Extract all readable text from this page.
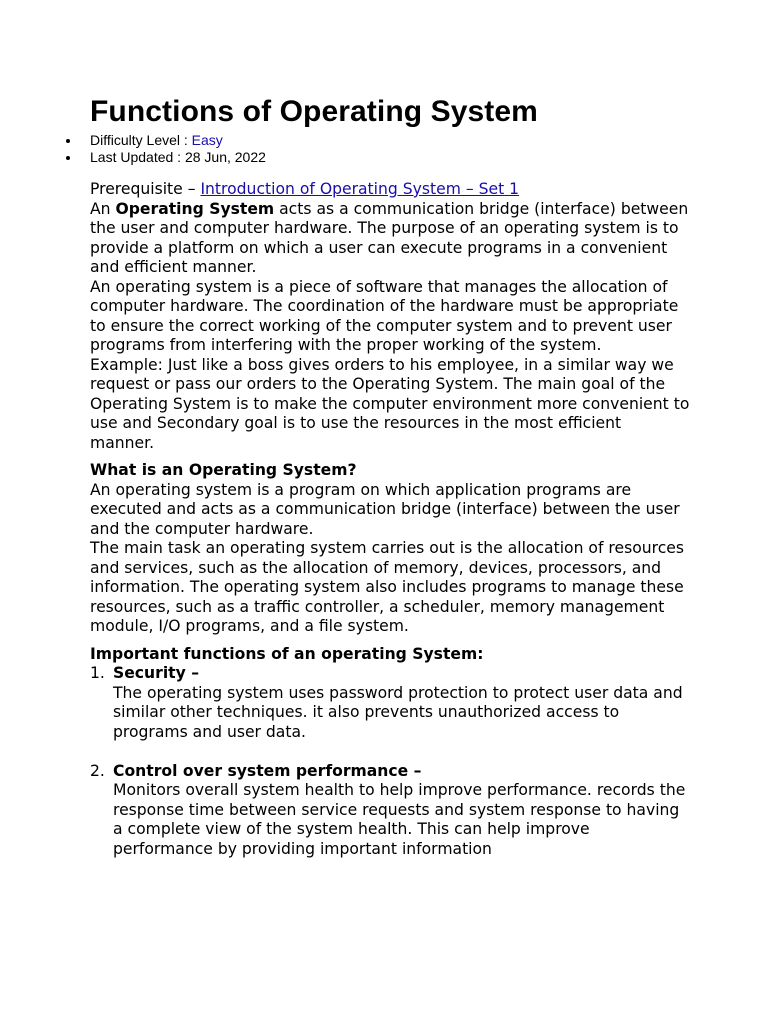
Functions of Operating System
Difficulty Level : Easy
Last Updated : 28 Jun, 2022

Prerequisite – Introduction of Operating System – Set 1

An Operating System acts as a communication bridge (interface) between the user and computer hardware. The purpose of an operating system is to provide a platform on which a user can execute programs in a convenient and efficient manner.

An operating system is a piece of software that manages the allocation of computer hardware. The coordination of the hardware must be appropriate to ensure the correct working of the computer system and to prevent user programs from interfering with the proper working of the system.

Example: Just like a boss gives orders to his employee, in a similar way we request or pass our orders to the Operating System. The main goal of the Operating System is to make the computer environment more convenient to use and Secondary goal is to use the resources in the most efficient manner.

What is an Operating System?

An operating system is a program on which application programs are executed and acts as a communication bridge (interface) between the user and the computer hardware.

The main task an operating system carries out is the allocation of resources and services, such as the allocation of memory, devices, processors, and information. The operating system also includes programs to manage these resources, such as a traffic controller, a scheduler, memory management module, I/O programs, and a file system.

Important functions of an operating System:
1. Security –
The operating system uses password protection to protect user data and similar other techniques. it also prevents unauthorized access to programs and user data.
2. Control over system performance –
Monitors overall system health to help improve performance. records the response time between service requests and system response to having a complete view of the system health. This can help improve performance by providing important information
